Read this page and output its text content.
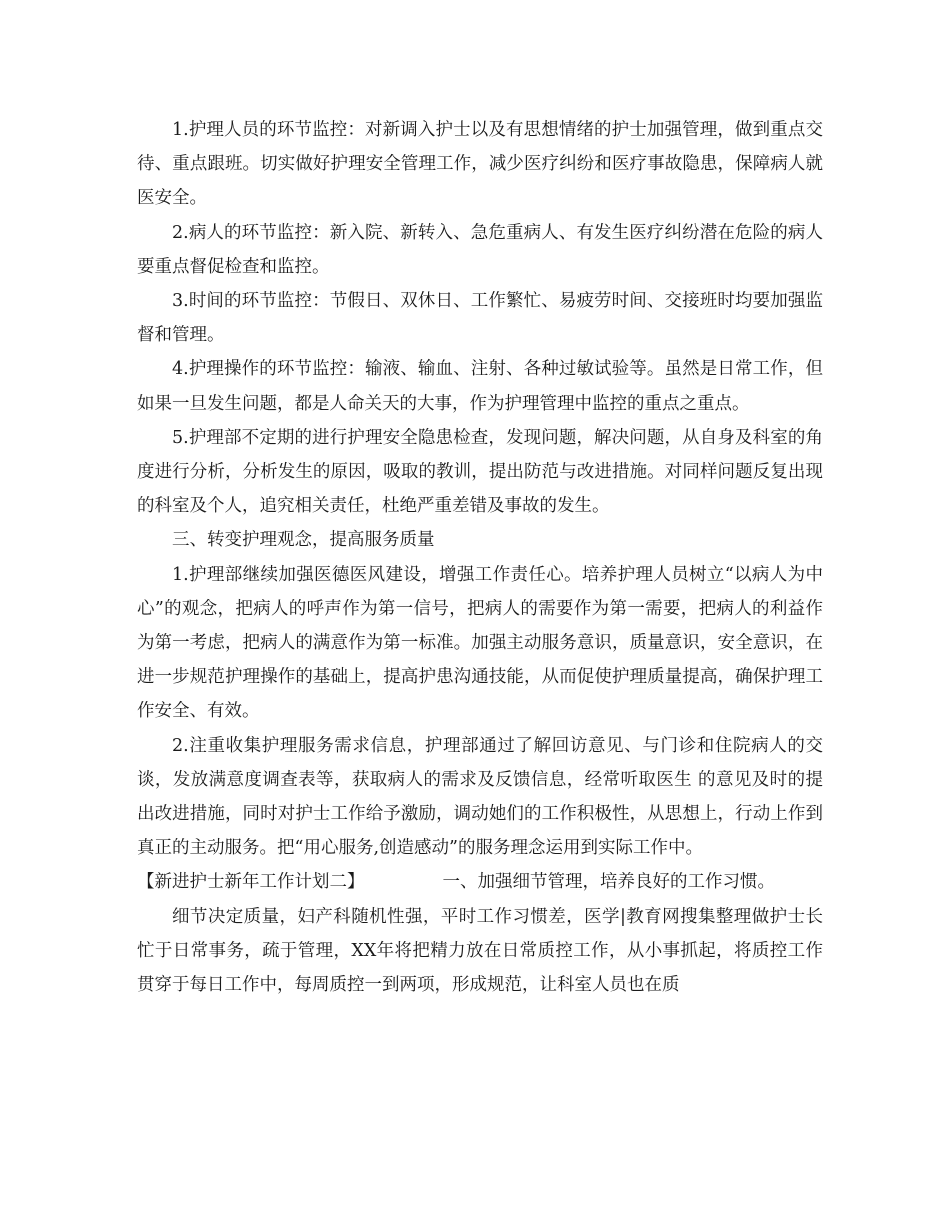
1.护理人员的环节监控：对新调入护士以及有思想情绪的护士加强管理，做到重点交待、重点跟班。切实做好护理安全管理工作，减少医疗纠纷和医疗事故隐患，保障病人就医安全。

2.病人的环节监控：新入院、新转入、急危重病人、有发生医疗纠纷潜在危险的病人要重点督促检查和监控。

3.时间的环节监控：节假日、双休日、工作繁忙、易疲劳时间、交接班时均要加强监督和管理。

4.护理操作的环节监控：输液、输血、注射、各种过敏试验等。虽然是日常工作，但如果一旦发生问题，都是人命关天的大事，作为护理管理中监控的重点之重点。

5.护理部不定期的进行护理安全隐患检查，发现问题，解决问题，从自身及科室的角度进行分析，分析发生的原因，吸取的教训，提出防范与改进措施。对同样问题反复出现的科室及个人，追究相关责任，杜绝严重差错及事故的发生。

三、转变护理观念，提高服务质量

1.护理部继续加强医德医风建设，增强工作责任心。培养护理人员树立“以病人为中心”的观念，把病人的呼声作为第一信号，把病人的需要作为第一需要，把病人的利益作为第一考虑，把病人的满意作为第一标准。加强主动服务意识，质量意识，安全意识，在进一步规范护理操作的基础上，提高护患沟通技能，从而促使护理质量提高，确保护理工作安全、有效。

2.注重收集护理服务需求信息，护理部通过了解回访意见、与门诊和住院病人的交谈，发放满意度调查表等，获取病人的需求及反馈信息，经常听取医生 的意见及时的提出改进措施，同时对护士工作给予激励，调动她们的工作积极性，从思想上，行动上作到真正的主动服务。把“用心服务,创造感动”的服务理念运用到实际工作中。

【新进护士新年工作计划二】	一、加强细节管理，培养良好的工作习惯。

细节决定质量，妇产科随机性强，平时工作习惯差，医学|教育网搜集整理做护士长忙于日常事务，疏于管理，XX年将把精力放在日常质控工作，从小事抓起，将质控工作贯穿于每日工作中，每周质控一到两项，形成规范，让科室人员也在质
